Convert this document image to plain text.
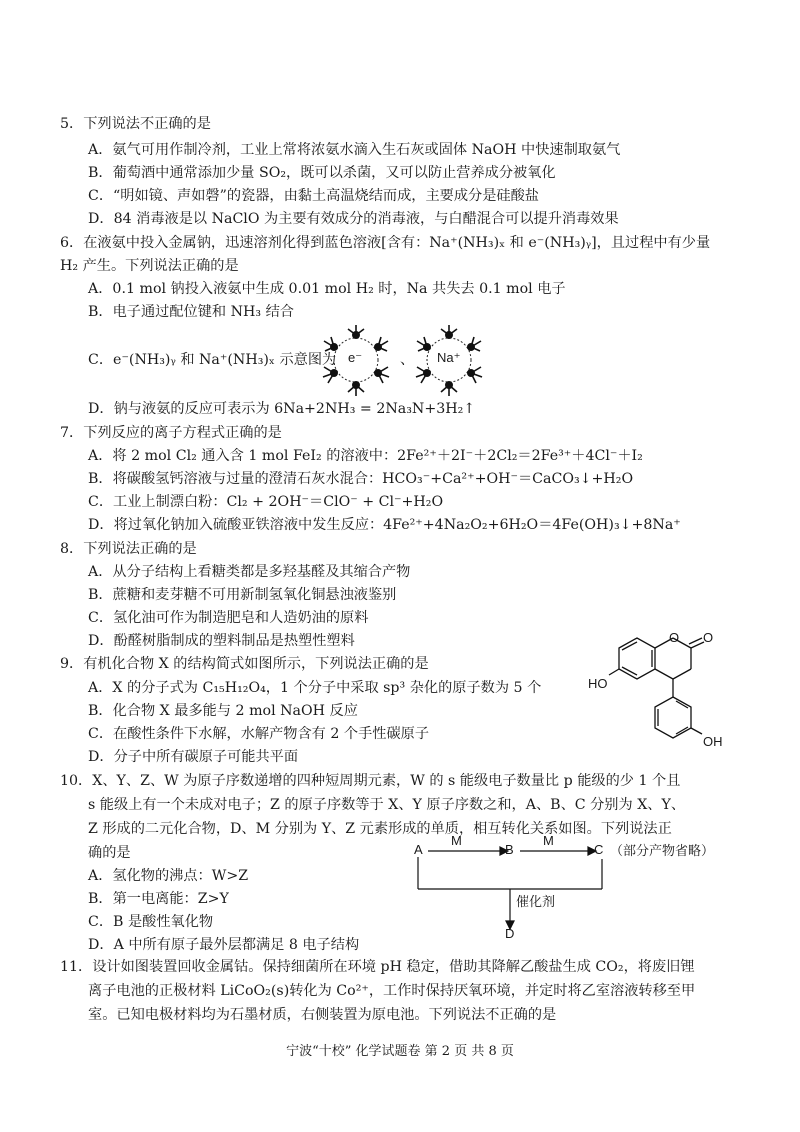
5．下列说法不正确的是
A．氨气可用作制冷剂，工业上常将浓氨水滴入生石灰或固体 NaOH 中快速制取氨气
B．葡萄酒中通常添加少量 SO₂，既可以杀菌，又可以防止营养成分被氧化
C．“明如镜、声如磬”的瓷器，由黏土高温烧结而成，主要成分是硅酸盐
D．84 消毒液是以 NaClO 为主要有效成分的消毒液，与白醋混合可以提升消毒效果
6．在液氨中投入金属钠，迅速溶剂化得到蓝色溶液[含有：Na⁺(NH₃)ₓ 和 e⁻(NH₃)ᵧ]，且过程中有少量
H₂ 产生。下列说法正确的是
A．0.1 mol 钠投入液氨中生成 0.01 mol H₂ 时，Na 共失去 0.1 mol 电子
B．电子通过配位键和 NH₃ 结合
C．e⁻(NH₃)ᵧ 和 Na⁺(NH₃)ₓ 示意图为	、
e⁻	Na⁺
D．钠与液氨的反应可表示为 6Na+2NH₃ = 2Na₃N+3H₂↑
7．下列反应的离子方程式正确的是
A．将 2 mol Cl₂ 通入含 1 mol FeI₂ 的溶液中：2Fe²⁺＋2I⁻＋2Cl₂＝2Fe³⁺＋4Cl⁻＋I₂
B．将碳酸氢钙溶液与过量的澄清石灰水混合：HCO₃⁻+Ca²⁺+OH⁻＝CaCO₃↓+H₂O
C．工业上制漂白粉：Cl₂ + 2OH⁻＝ClO⁻ + Cl⁻+H₂O
D．将过氧化钠加入硫酸亚铁溶液中发生反应：4Fe²⁺+4Na₂O₂+6H₂O＝4Fe(OH)₃↓+8Na⁺
8．下列说法正确的是
A．从分子结构上看糖类都是多羟基醛及其缩合产物
B．蔗糖和麦芽糖不可用新制氢氧化铜悬浊液鉴别
C．氢化油可作为制造肥皂和人造奶油的原料
D．酚醛树脂制成的塑料制品是热塑性塑料
9．有机化合物 X 的结构简式如图所示，下列说法正确的是
A．X 的分子式为 C₁₅H₁₂O₄，1 个分子中采取 sp³ 杂化的原子数为 5 个
B．化合物 X 最多能与 2 mol NaOH 反应
C．在酸性条件下水解，水解产物含有 2 个手性碳原子
D．分子中所有碳原子可能共平面
O O
HO
OH
10．X、Y、Z、W 为原子序数递增的四种短周期元素，W 的 s 能级电子数量比 p 能级的少 1 个且
s 能级上有一个未成对电子；Z 的原子序数等于 X、Y 原子序数之和，A、B、C 分别为 X、Y、
Z 形成的二元化合物，D、M 分别为 Y、Z 元素形成的单质，相互转化关系如图。下列说法正
确的是
A．氢化物的沸点：W>Z
B．第一电离能：Z>Y
C．B 是酸性氧化物
D．A 中所有原子最外层都满足 8 电子结构
A	B	C
D
M	M
（部分产物省略）
催化剂
11．设计如图装置回收金属钴。保持细菌所在环境 pH 稳定，借助其降解乙酸盐生成 CO₂，将废旧锂
离子电池的正极材料 LiCoO₂(s)转化为 Co²⁺，工作时保持厌氧环境，并定时将乙室溶液转移至甲
室。已知电极材料均为石墨材质，右侧装置为原电池。下列说法不正确的是
宁波“十校” 化学试题卷 第 2 页 共 8 页
